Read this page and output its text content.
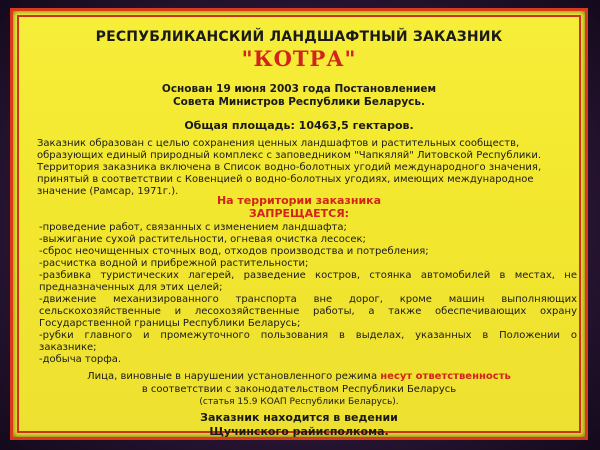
РЕСПУБЛИКАНСКИЙ ЛАНДШАФТНЫЙ ЗАКАЗНИК
"КОТРА"
Основан 19 июня 2003 года Постановлением
Совета Министров Республики Беларусь.
Общая площадь: 10463,5 гектаров.
Заказник образован с целью сохранения ценных ландшафтов и растительных сообществ,
образующих единый природный комплекс с заповедником "Чапкяляй" Литовской Республики.
Территория заказника включена в Список водно-болотных угодий международного значения,
принятый в соответствии с Ковенцией о водно-болотных угодиях, имеющих международное
значение (Рамсар, 1971г.).
На территории заказника
ЗАПРЕЩАЕТСЯ:
-проведение работ, связанных с изменением ландшафта;
-выжигание сухой растительности, огневая очистка лесосек;
-сброс неочищенных сточных вод, отходов производства и потребления;
-расчистка водной и прибрежной растительности;
-разбивка туристических лагерей, разведение костров, стоянка автомобилей в местах, не
предназначенных для этих целей;
-движение механизированного транспорта вне дорог, кроме машин выполняющих
сельскохозяйственные и лесохозяйственные работы, а также обеспечивающих охрану
Государственной границы Республики Беларусь;
-рубки главного и промежуточного пользования в выделах, указанных в Положении о
заказнике;
-добыча торфа.
Лица, виновные в нарушении установленного режима несут ответственность
в соответствии с законодательством Республики Беларусь
(статья 15.9 КОАП Республики Беларусь).
Заказник находится в ведении
Щучинского райисполкома.
